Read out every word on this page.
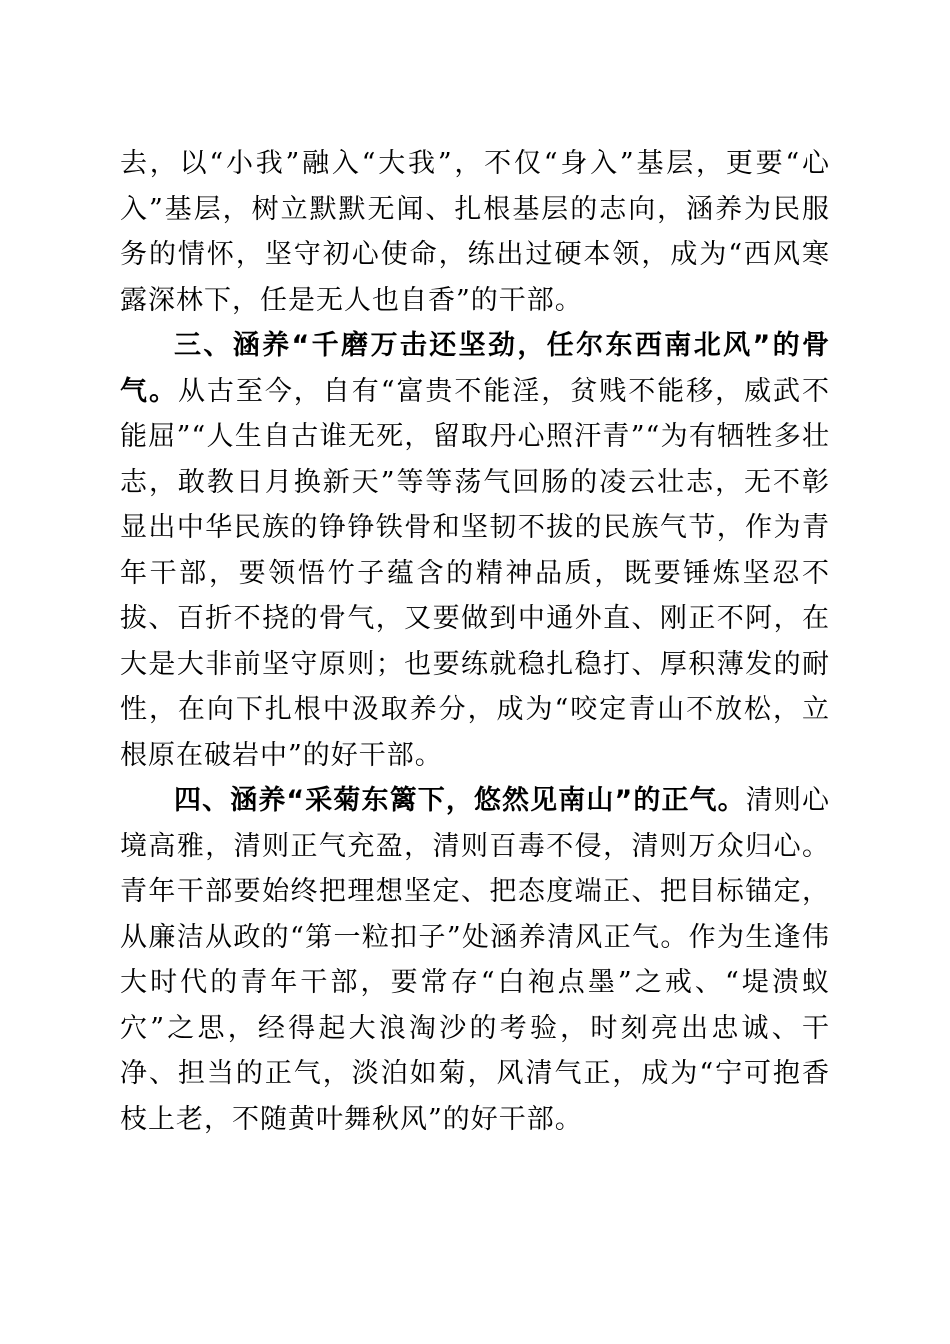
去，以“小我”融入“大我”，不仅“身入”基层，更要“心入”基层，树立默默无闻、扎根基层的志向，涵养为民服务的情怀，坚守初心使命，练出过硬本领，成为“西风寒露深林下，任是无人也自香”的干部。

三、涵养“千磨万击还坚劲，任尔东西南北风”的骨气。从古至今，自有“富贵不能淫，贫贱不能移，威武不能屈”“人生自古谁无死，留取丹心照汗青”“为有牺牲多壮志，敢教日月换新天”等等荡气回肠的凌云壮志，无不彰显出中华民族的铮铮铁骨和坚韧不拔的民族气节，作为青年干部，要领悟竹子蕴含的精神品质，既要锤炼坚忍不拔、百折不挠的骨气，又要做到中通外直、刚正不阿，在大是大非前坚守原则；也要练就稳扎稳打、厚积薄发的耐性，在向下扎根中汲取养分，成为“咬定青山不放松，立根原在破岩中”的好干部。

四、涵养“采菊东篱下，悠然见南山”的正气。清则心境高雅，清则正气充盈，清则百毒不侵，清则万众归心。青年干部要始终把理想坚定、把态度端正、把目标锚定，从廉洁从政的“第一粒扣子”处涵养清风正气。作为生逢伟大时代的青年干部，要常存“白袍点墨”之戒、“堤溃蚁穴”之思，经得起大浪淘沙的考验，时刻亮出忠诚、干净、担当的正气，淡泊如菊，风清气正，成为“宁可抱香枝上老，不随黄叶舞秋风”的好干部。
